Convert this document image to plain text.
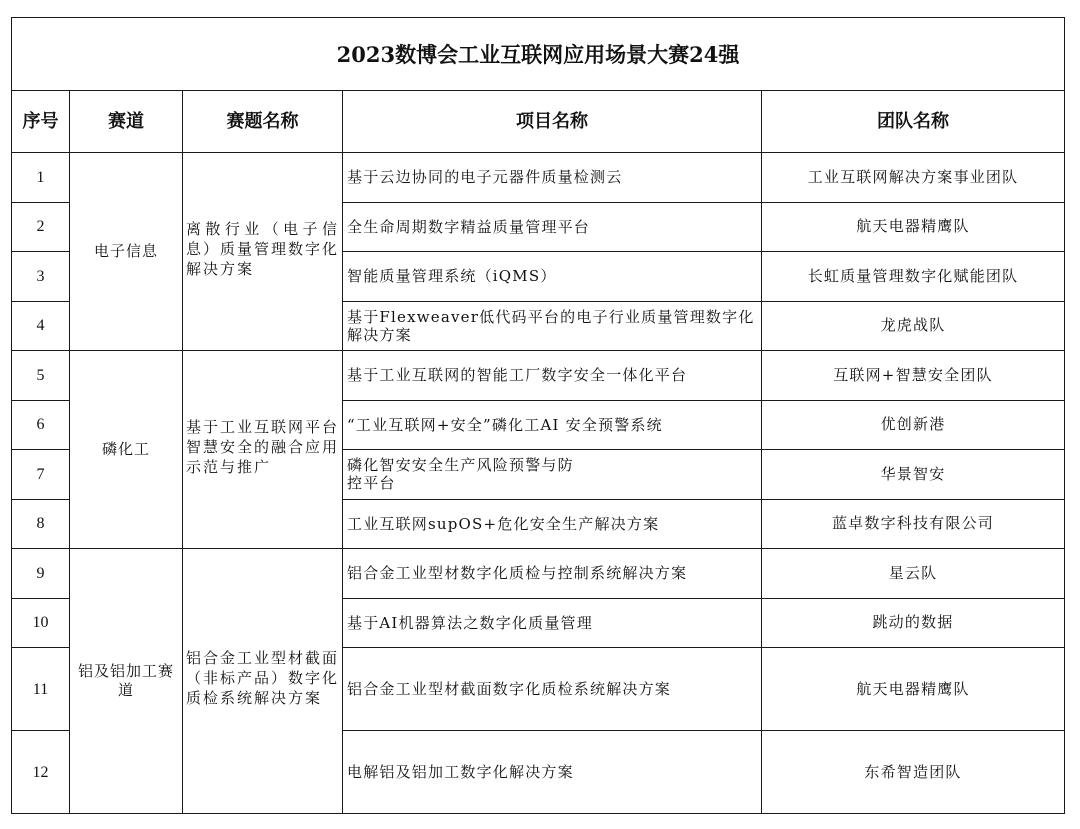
2023数博会工业互联网应用场景大赛24强				
序号	赛道	赛题名称	项目名称	团队名称
1	电子信息	离散行业（电子信息）质量管理数字化解决方案	基于云边协同的电子元器件质量检测云	工业互联网解决方案事业团队
2			全生命周期数字精益质量管理平台	航天电器精鹰队
3			智能质量管理系统（iQMS）	长虹质量管理数字化赋能团队
4			基于Flexweaver低代码平台的电子行业质量管理数字化解决方案	龙虎战队
5	磷化工	基于工业互联网平台智慧安全的融合应用示范与推广	基于工业互联网的智能工厂数字安全一体化平台	互联网+智慧安全团队
6			“工业互联网+安全”磷化工AI 安全预警系统	优创新港
7			磷化智安安全生产风险预警与防控平台	华景智安
8			工业互联网supOS+危化安全生产解决方案	蓝卓数字科技有限公司
9	铝及铝加工赛道	铝合金工业型材截面（非标产品）数字化质检系统解决方案	铝合金工业型材数字化质检与控制系统解决方案	星云队
10			基于AI机器算法之数字化质量管理	跳动的数据
11			铝合金工业型材截面数字化质检系统解决方案	航天电器精鹰队
12			电解铝及铝加工数字化解决方案	东希智造团队
